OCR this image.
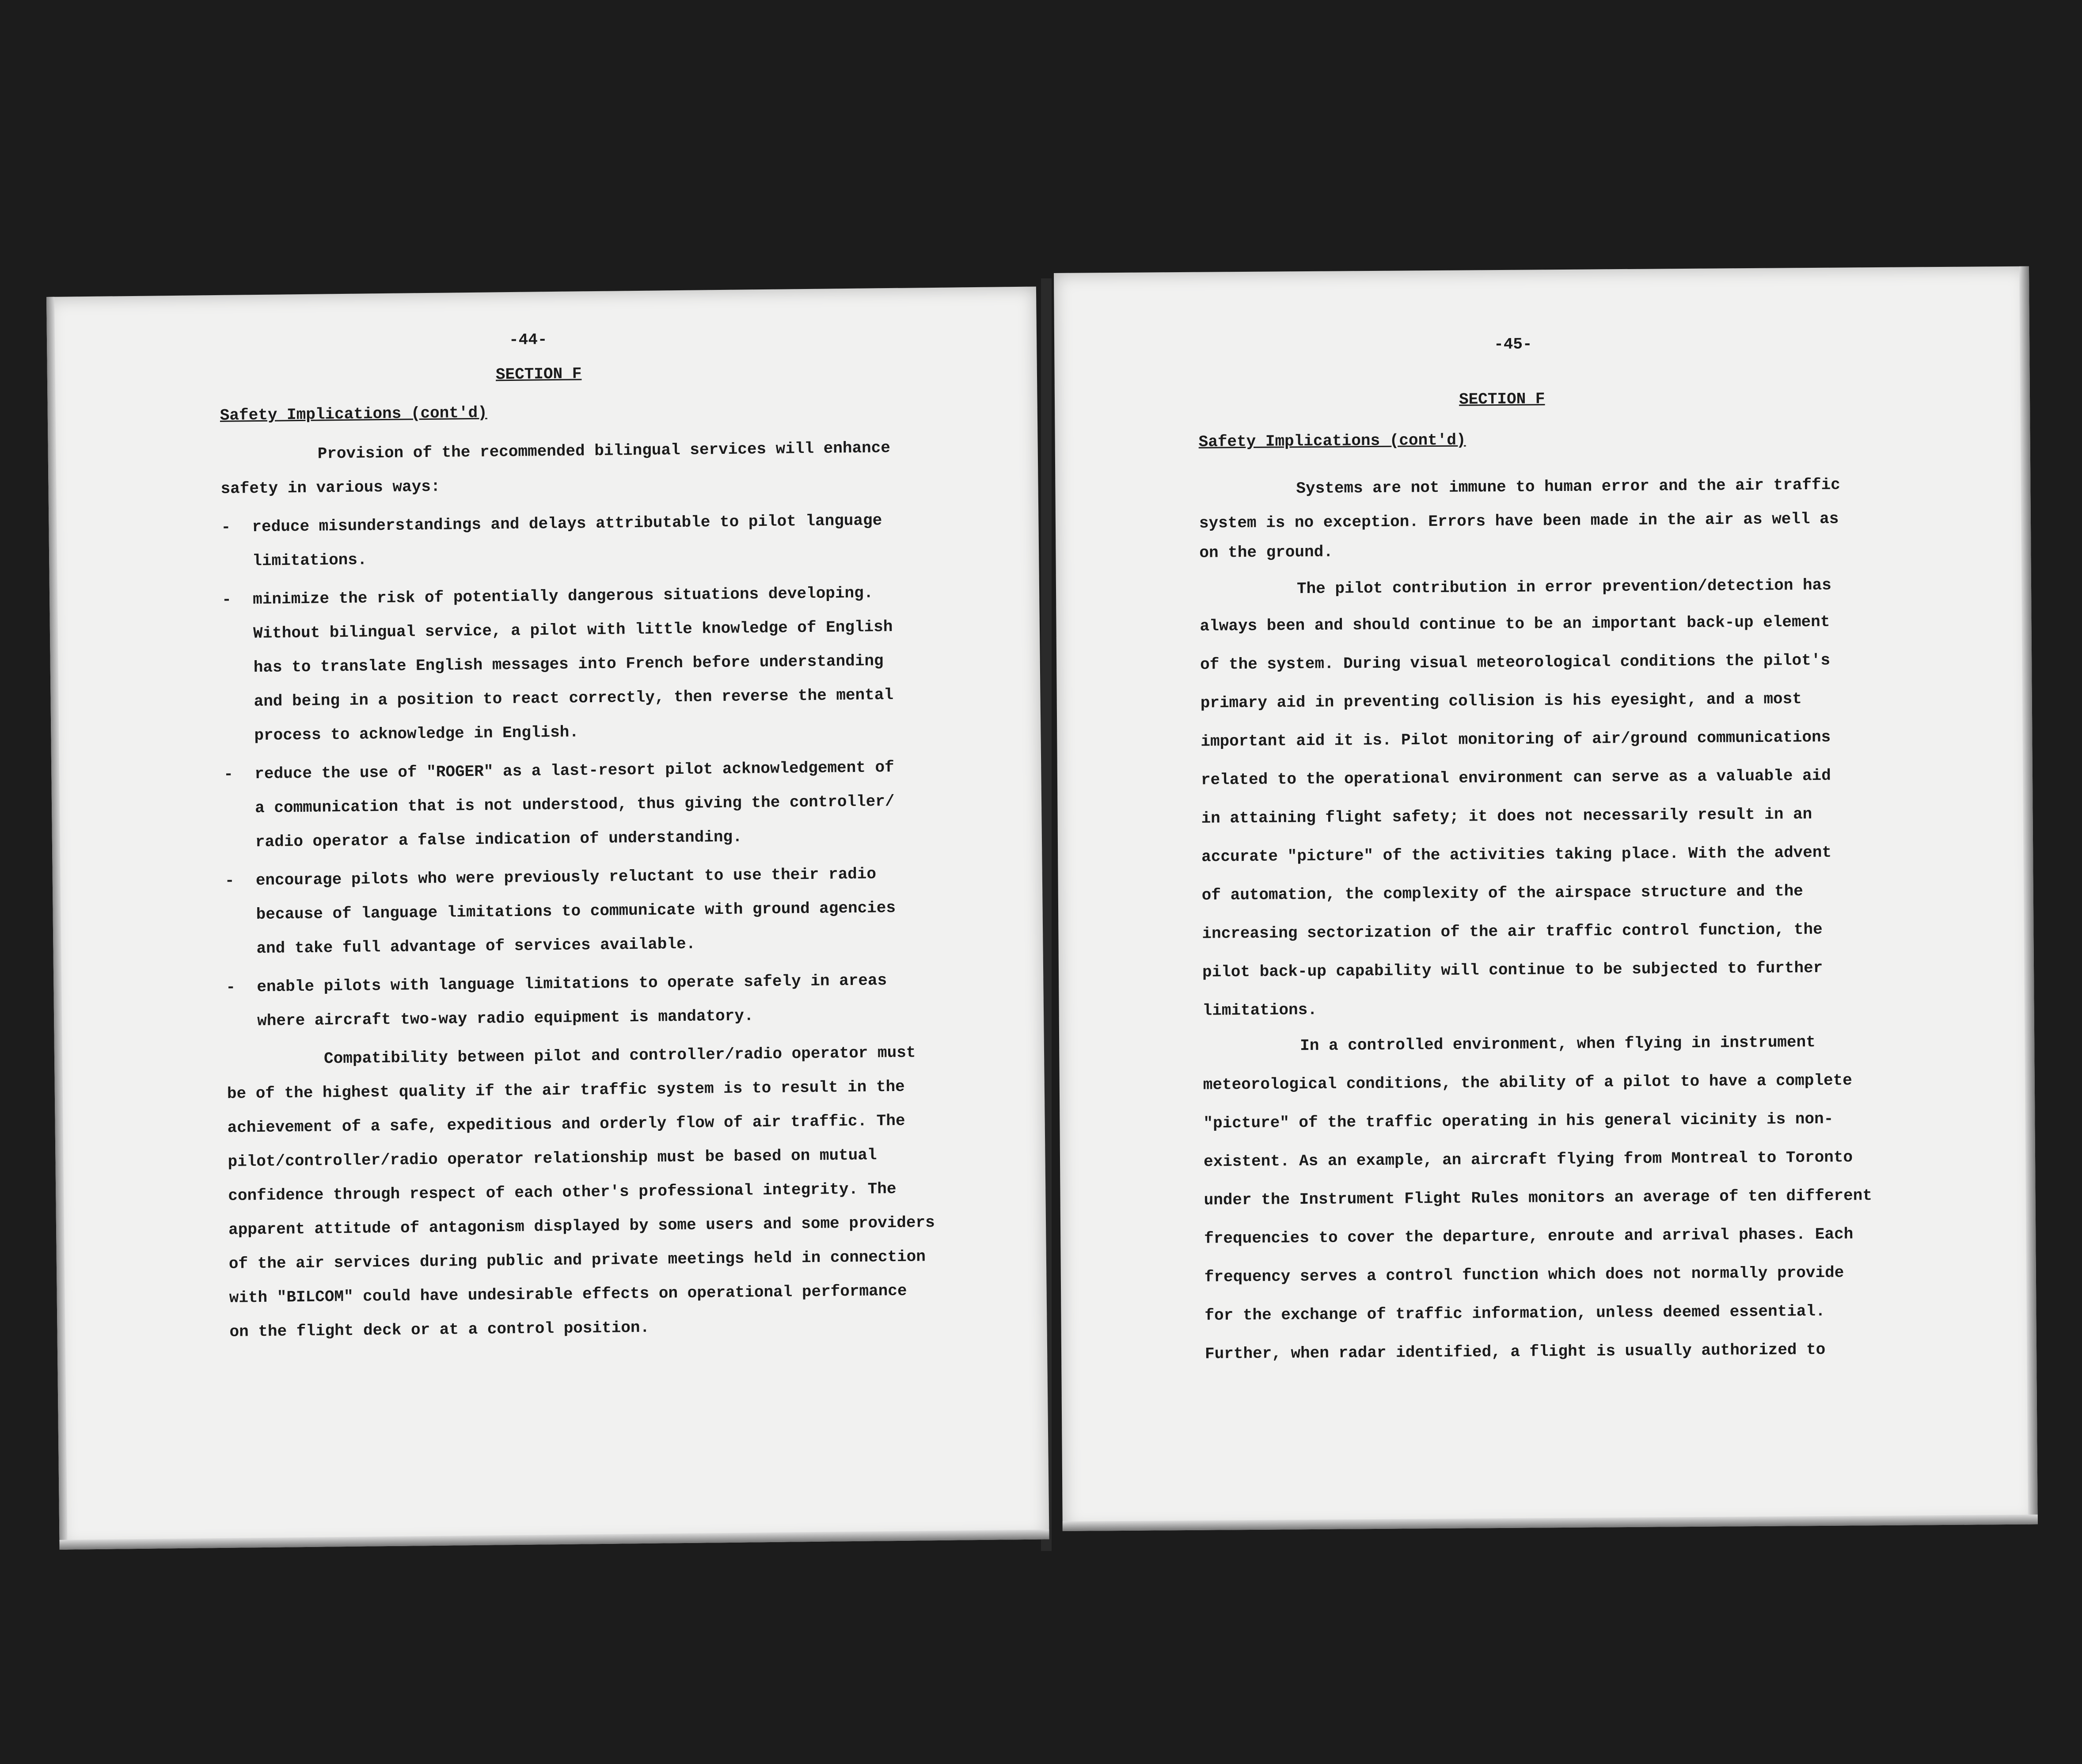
-44-
SECTION F
Safety Implications (cont'd)
Provision of the recommended bilingual services will enhance
safety in various ways:
- reduce misunderstandings and delays attributable to pilot language
limitations.
- minimize the risk of potentially dangerous situations developing.
Without bilingual service, a pilot with little knowledge of English
has to translate English messages into French before understanding
and being in a position to react correctly, then reverse the mental
process to acknowledge in English.
- reduce the use of "ROGER" as a last-resort pilot acknowledgement of
a communication that is not understood, thus giving the controller/
radio operator a false indication of understanding.
- encourage pilots who were previously reluctant to use their radio
because of language limitations to communicate with ground agencies
and take full advantage of services available.
- enable pilots with language limitations to operate safely in areas
where aircraft two-way radio equipment is mandatory.
Compatibility between pilot and controller/radio operator must
be of the highest quality if the air traffic system is to result in the
achievement of a safe, expeditious and orderly flow of air traffic. The
pilot/controller/radio operator relationship must be based on mutual
confidence through respect of each other's professional integrity. The
apparent attitude of antagonism displayed by some users and some providers
of the air services during public and private meetings held in connection
with "BILCOM" could have undesirable effects on operational performance
on the flight deck or at a control position.
-45-
SECTION F
Safety Implications (cont'd)
Systems are not immune to human error and the air traffic
system is no exception. Errors have been made in the air as well as
on the ground.
The pilot contribution in error prevention/detection has
always been and should continue to be an important back-up element
of the system. During visual meteorological conditions the pilot's
primary aid in preventing collision is his eyesight, and a most
important aid it is. Pilot monitoring of air/ground communications
related to the operational environment can serve as a valuable aid
in attaining flight safety; it does not necessarily result in an
accurate "picture" of the activities taking place. With the advent
of automation, the complexity of the airspace structure and the
increasing sectorization of the air traffic control function, the
pilot back-up capability will continue to be subjected to further
limitations.
In a controlled environment, when flying in instrument
meteorological conditions, the ability of a pilot to have a complete
"picture" of the traffic operating in his general vicinity is non-
existent. As an example, an aircraft flying from Montreal to Toronto
under the Instrument Flight Rules monitors an average of ten different
frequencies to cover the departure, enroute and arrival phases. Each
frequency serves a control function which does not normally provide
for the exchange of traffic information, unless deemed essential.
Further, when radar identified, a flight is usually authorized to
